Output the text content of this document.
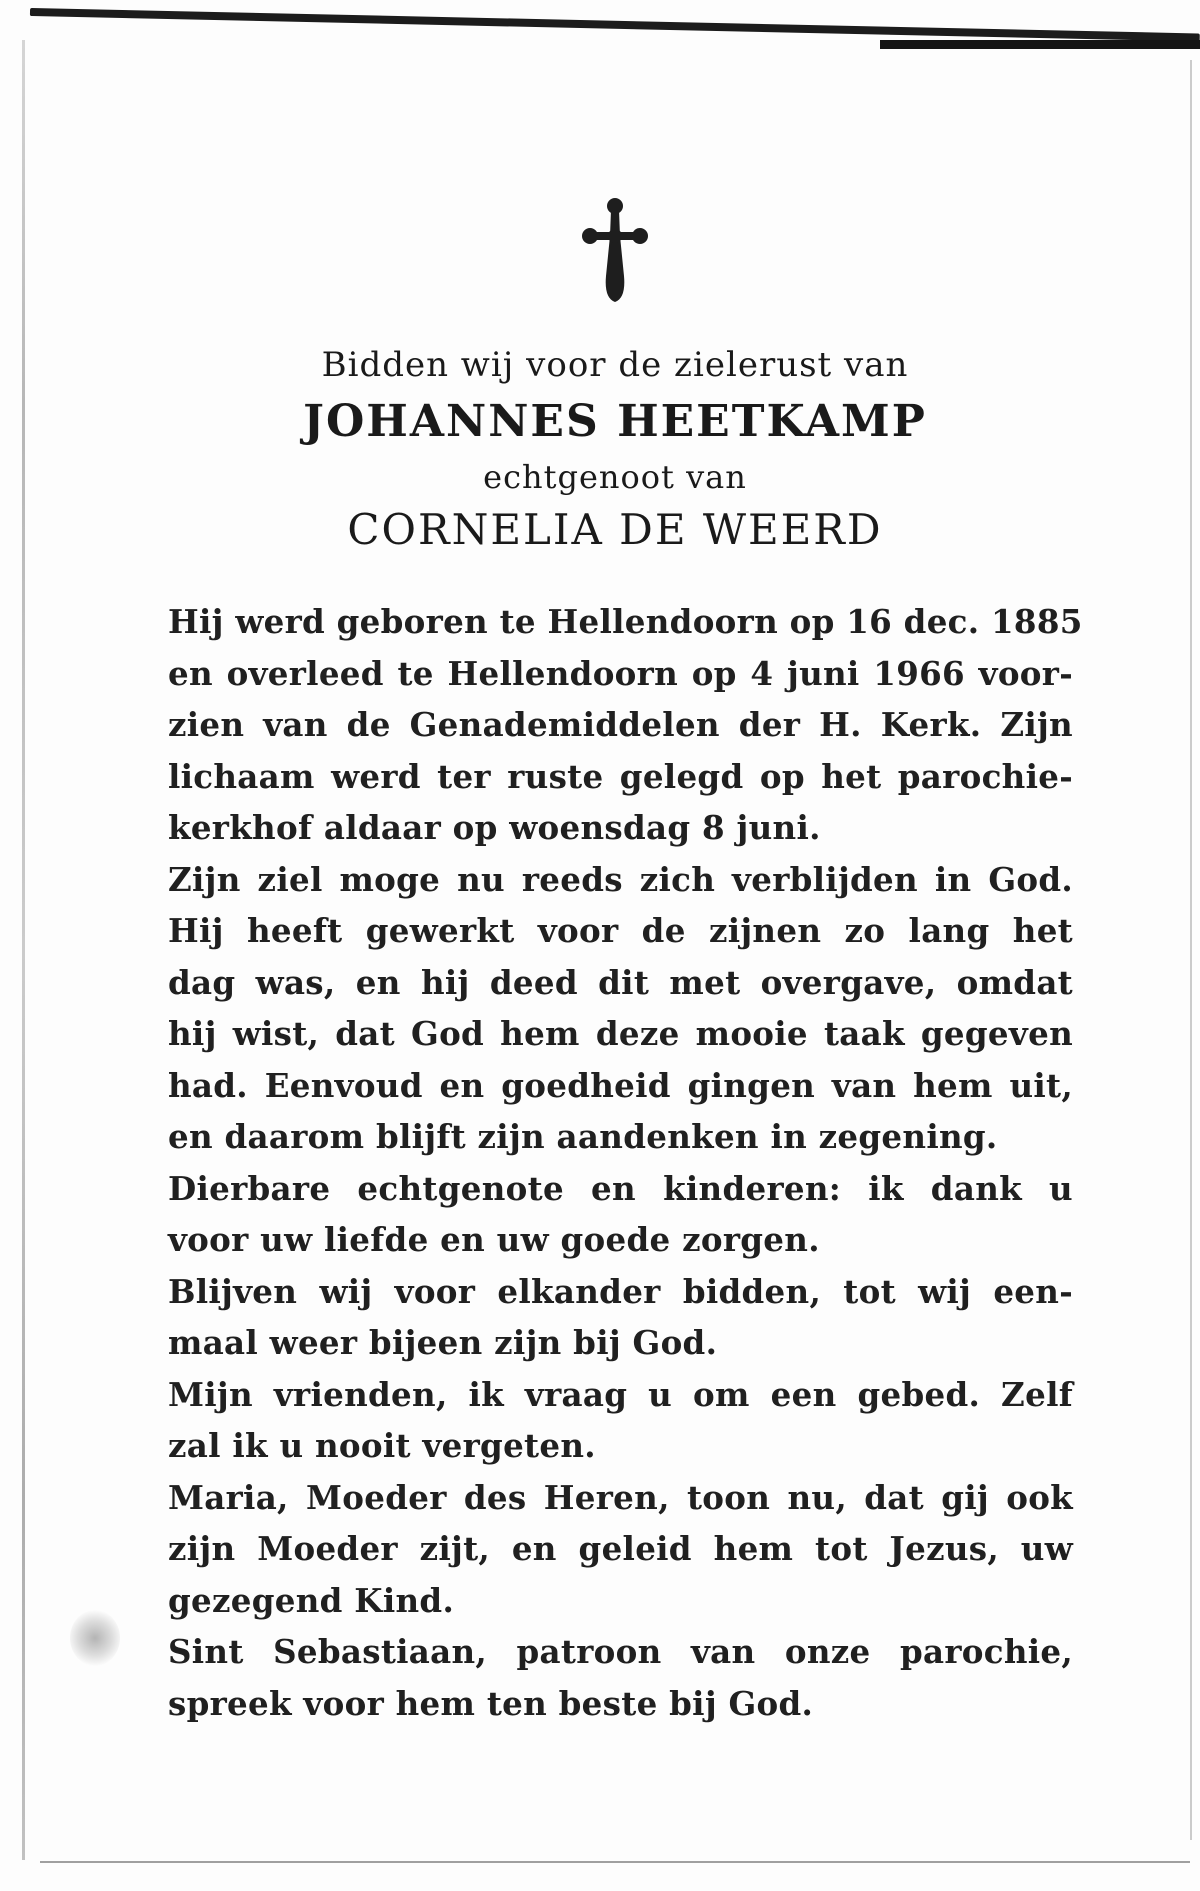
Bidden wij voor de zielerust van
JOHANNES HEETKAMP
echtgenoot van
CORNELIA DE WEERD
Hij werd geboren te Hellendoorn op 16 dec. 1885
en overleed te Hellendoorn op 4 juni 1966 voor-
zien van de Genademiddelen der H. Kerk. Zijn
lichaam werd ter ruste gelegd op het parochie-
kerkhof aldaar op woensdag 8 juni.
Zijn ziel moge nu reeds zich verblijden in God.
Hij heeft gewerkt voor de zijnen zo lang het
dag was, en hij deed dit met overgave, omdat
hij wist, dat God hem deze mooie taak gegeven
had. Eenvoud en goedheid gingen van hem uit,
en daarom blijft zijn aandenken in zegening.
Dierbare echtgenote en kinderen: ik dank u
voor uw liefde en uw goede zorgen.
Blijven wij voor elkander bidden, tot wij een-
maal weer bijeen zijn bij God.
Mijn vrienden, ik vraag u om een gebed. Zelf
zal ik u nooit vergeten.
Maria, Moeder des Heren, toon nu, dat gij ook
zijn Moeder zijt, en geleid hem tot Jezus, uw
gezegend Kind.
Sint Sebastiaan, patroon van onze parochie,
spreek voor hem ten beste bij God.
